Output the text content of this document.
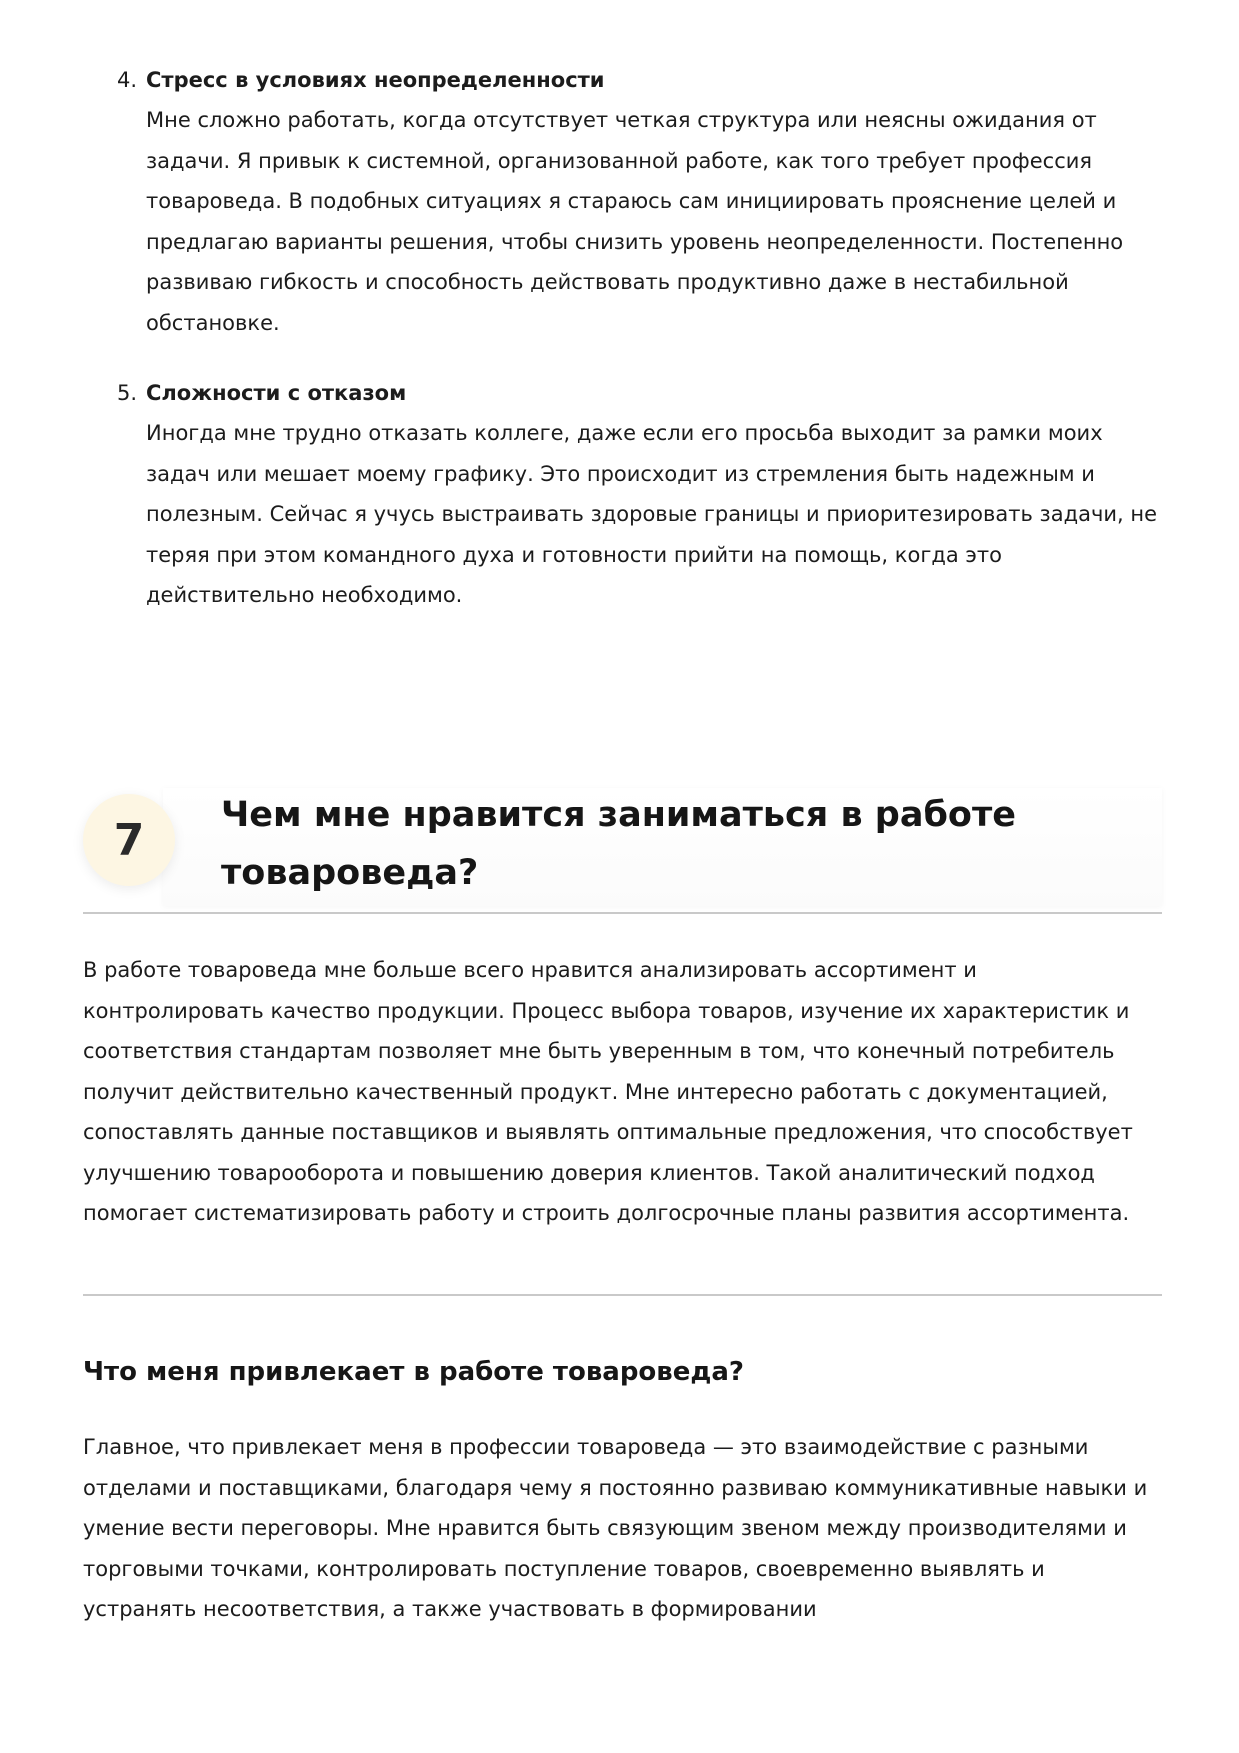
4. Стресс в условиях неопределенности

Мне сложно работать, когда отсутствует четкая структура или неясны ожидания от задачи. Я привык к системной, организованной работе, как того требует профессия товароведа. В подобных ситуациях я стараюсь сам инициировать прояснение целей и предлагаю варианты решения, чтобы снизить уровень неопределенности. Постепенно развиваю гибкость и способность действовать продуктивно даже в нестабильной обстановке.

5. Сложности с отказом

Иногда мне трудно отказать коллеге, даже если его просьба выходит за рамки моих задач или мешает моему графику. Это происходит из стремления быть надежным и полезным. Сейчас я учусь выстраивать здоровые границы и приоритезировать задачи, не теряя при этом командного духа и готовности прийти на помощь, когда это действительно необходимо.

7	Чем мне нравится заниматься в работе товароведа?

В работе товароведа мне больше всего нравится анализировать ассортимент и контролировать качество продукции. Процесс выбора товаров, изучение их характеристик и соответствия стандартам позволяет мне быть уверенным в том, что конечный потребитель получит действительно качественный продукт. Мне интересно работать с документацией, сопоставлять данные поставщиков и выявлять оптимальные предложения, что способствует улучшению товарооборота и повышению доверия клиентов. Такой аналитический подход помогает систематизировать работу и строить долгосрочные планы развития ассортимента.

Что меня привлекает в работе товароведа?

Главное, что привлекает меня в профессии товароведа — это взаимодействие с разными отделами и поставщиками, благодаря чему я постоянно развиваю коммуникативные навыки и умение вести переговоры. Мне нравится быть связующим звеном между производителями и торговыми точками, контролировать поступление товаров, своевременно выявлять и устранять несоответствия, а также участвовать в формировании
